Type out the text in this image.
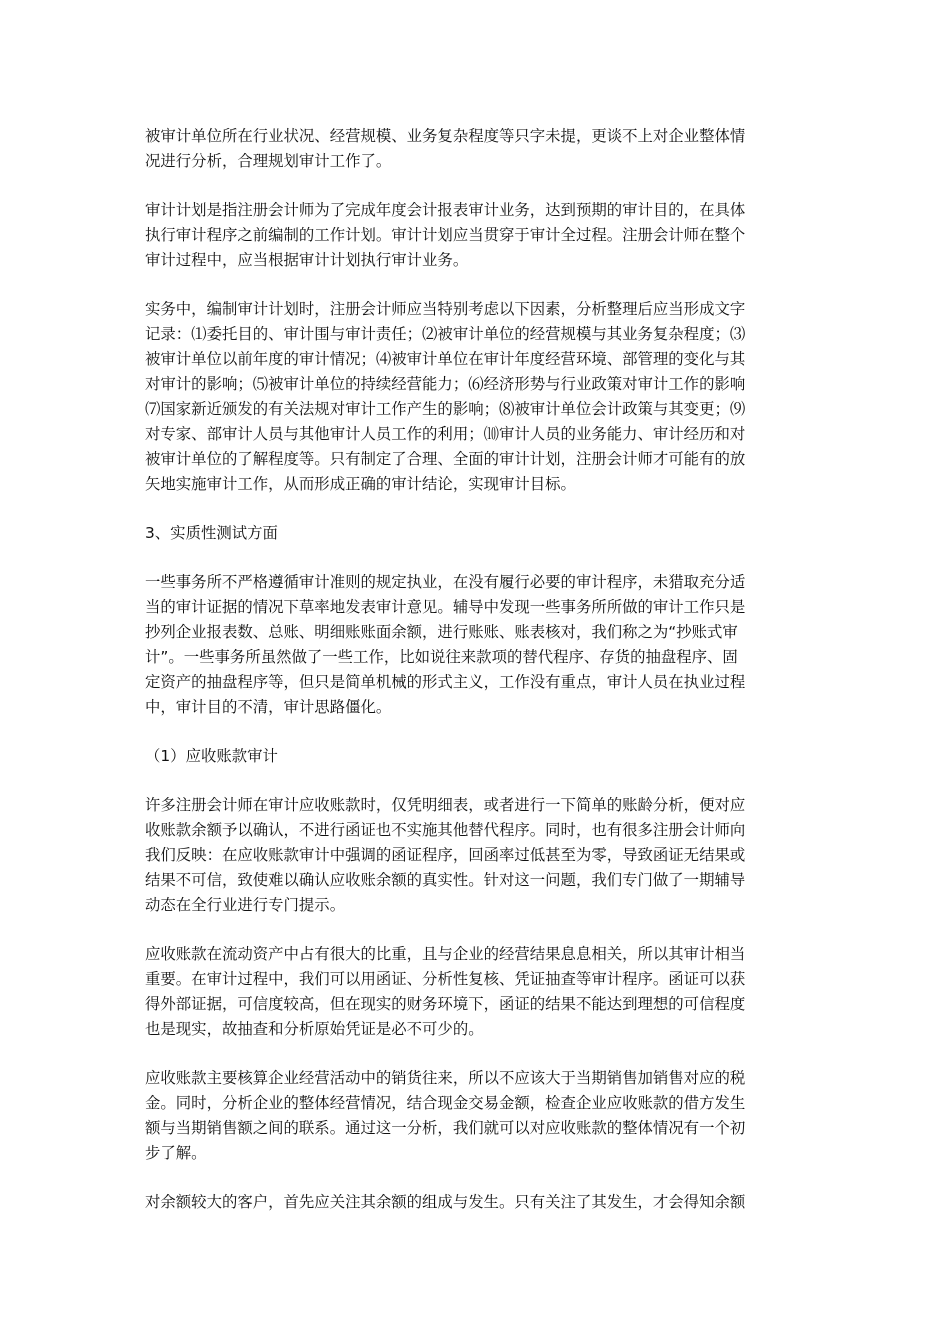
被审计单位所在行业状况、经营规模、业务复杂程度等只字未提，更谈不上对企业整体情
况进行分析，合理规划审计工作了。

审计计划是指注册会计师为了完成年度会计报表审计业务，达到预期的审计目的，在具体
执行审计程序之前编制的工作计划。审计计划应当贯穿于审计全过程。注册会计师在整个
审计过程中，应当根据审计计划执行审计业务。

实务中，编制审计计划时，注册会计师应当特别考虑以下因素，分析整理后应当形成文字
记录：⑴委托目的、审计围与审计责任；⑵被审计单位的经营规模与其业务复杂程度；⑶
被审计单位以前年度的审计情况；⑷被审计单位在审计年度经营环境、部管理的变化与其
对审计的影响；⑸被审计单位的持续经营能力；⑹经济形势与行业政策对审计工作的影响
⑺国家新近颁发的有关法规对审计工作产生的影响；⑻被审计单位会计政策与其变更；⑼
对专家、部审计人员与其他审计人员工作的利用；⑽审计人员的业务能力、审计经历和对
被审计单位的了解程度等。只有制定了合理、全面的审计计划，注册会计师才可能有的放
矢地实施审计工作，从而形成正确的审计结论，实现审计目标。

3、实质性测试方面

一些事务所不严格遵循审计准则的规定执业，在没有履行必要的审计程序，未猎取充分适
当的审计证据的情况下草率地发表审计意见。辅导中发现一些事务所所做的审计工作只是
抄列企业报表数、总账、明细账账面余额，进行账账、账表核对，我们称之为“抄账式审
计”。一些事务所虽然做了一些工作，比如说往来款项的替代程序、存货的抽盘程序、固
定资产的抽盘程序等，但只是简单机械的形式主义，工作没有重点，审计人员在执业过程
中，审计目的不清，审计思路僵化。

（1）应收账款审计

许多注册会计师在审计应收账款时，仅凭明细表，或者进行一下简单的账龄分析，便对应
收账款余额予以确认，不进行函证也不实施其他替代程序。同时，也有很多注册会计师向
我们反映：在应收账款审计中强调的函证程序，回函率过低甚至为零，导致函证无结果或
结果不可信，致使难以确认应收账余额的真实性。针对这一问题，我们专门做了一期辅导
动态在全行业进行专门提示。

应收账款在流动资产中占有很大的比重，且与企业的经营结果息息相关，所以其审计相当
重要。在审计过程中，我们可以用函证、分析性复核、凭证抽查等审计程序。函证可以获
得外部证据，可信度较高，但在现实的财务环境下，函证的结果不能达到理想的可信程度
也是现实，故抽查和分析原始凭证是必不可少的。

应收账款主要核算企业经营活动中的销货往来，所以不应该大于当期销售加销售对应的税
金。同时，分析企业的整体经营情况，结合现金交易金额，检查企业应收账款的借方发生
额与当期销售额之间的联系。通过这一分析，我们就可以对应收账款的整体情况有一个初
步了解。

对余额较大的客户，首先应关注其余额的组成与发生。只有关注了其发生，才会得知余额
